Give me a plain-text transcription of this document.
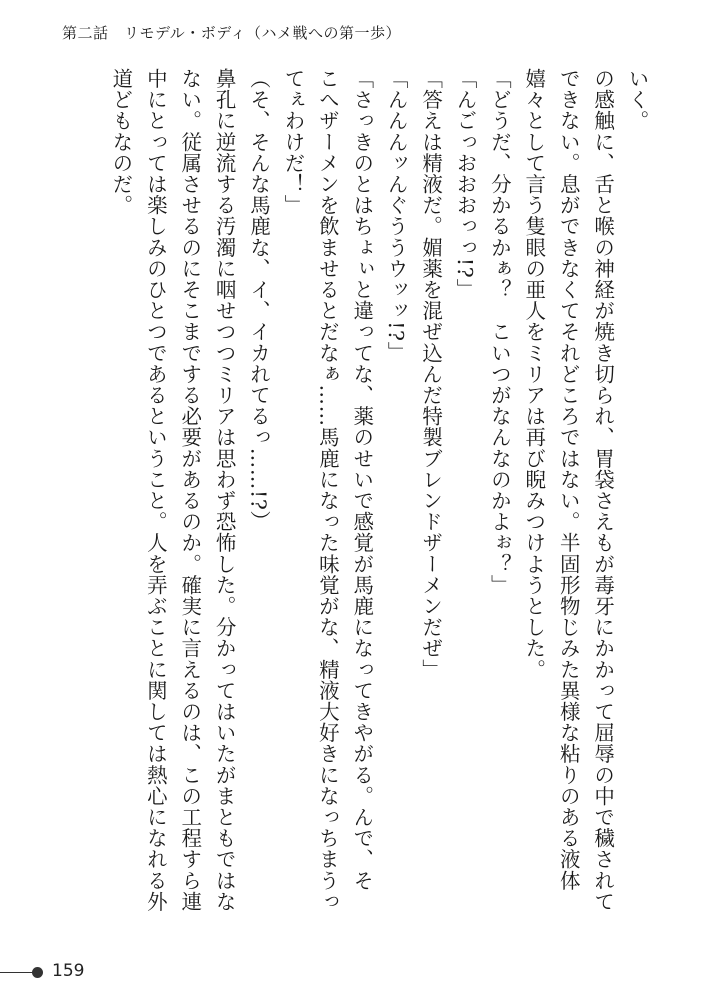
第二話　リモデル・ボディ（ハメ戦への第一歩）
いく。
の感触に、舌と喉の神経が焼き切られ、胃袋さえもが毒牙にかかって屈辱の中で穢されて
できない。息ができなくてそれどころではない。半固形物じみた異様な粘りのある液体
嬉々として言う隻眼の亜人をミリアは再び睨みつけようとした。
「どうだ、分かるかぁ？　こいつがなんなのかよぉ？」
「んごっおおおっっ!?」
「答えは精液だ。媚薬を混ぜ込んだ特製ブレンドザーメンだぜ」
「んんんッんぐううウッッ!?」
「さっきのとはちょぃと違ってな、薬のせいで感覚が馬鹿になってきやがる。んで、そ
こへザーメンを飲ませるとだなぁ……馬鹿になった味覚がな、精液大好きになっちまうっ
てぇわけだ！」
（そ、そんな馬鹿な、イ、イカれてるっ……!?）
鼻孔に逆流する汚濁に咽せつつミリアは思わず恐怖した。分かってはいたがまともではな
ない。従属させるのにそこまでする必要があるのか。確実に言えるのは、この工程すら連
中にとっては楽しみのひとつであるということ。人を弄ぶことに関しては熱心になれる外
道どもなのだ。
159
